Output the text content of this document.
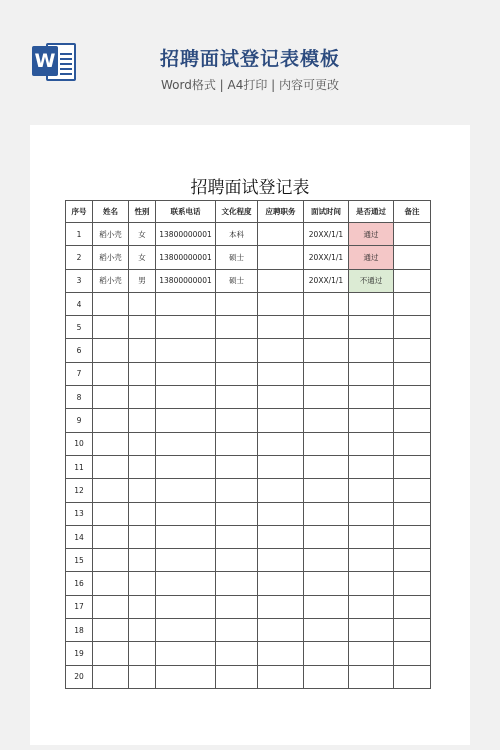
W	招聘面试登记表模板
Word格式 | A4打印 | 内容可更改
招聘面试登记表
序号	姓名	性别	联系电话	文化程度	应聘职务	面试时间	是否通过	备注
1	稻小壳	女	13800000001	本科		20XX/1/1	通过	
2	稻小壳	女	13800000001	硕士		20XX/1/1	通过	
3	稻小壳	男	13800000001	硕士		20XX/1/1	不通过	
4								
5								
6								
7								
8								
9								
10								
11								
12								
13								
14								
15								
16								
17								
18								
19								
20								
